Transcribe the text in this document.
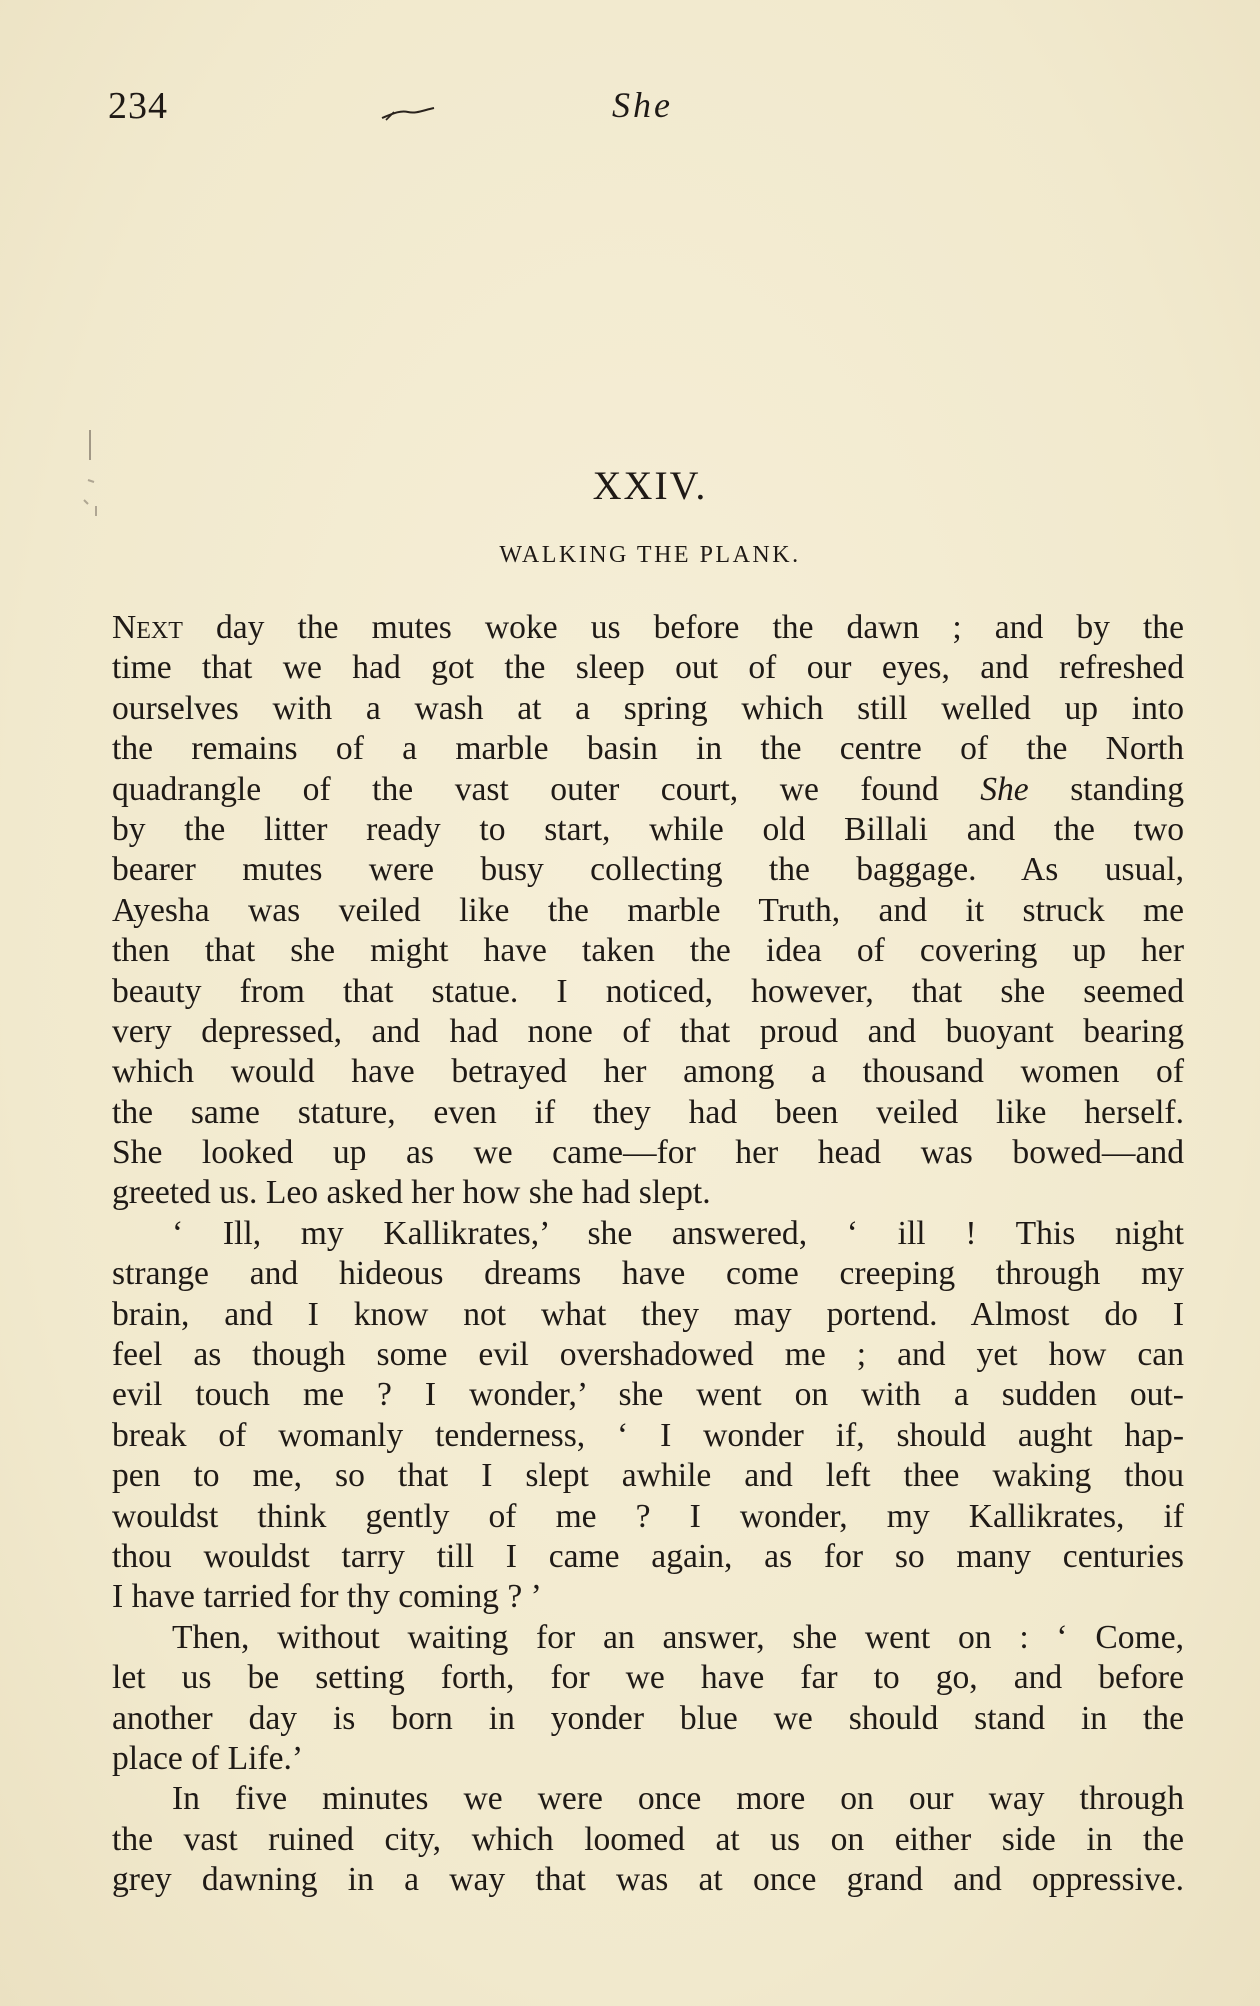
234	She
XXIV.
WALKING THE PLANK.
Next day the mutes woke us before the dawn ; and by the
time that we had got the sleep out of our eyes, and refreshed
ourselves with a wash at a spring which still welled up into
the remains of a marble basin in the centre of the North
quadrangle of the vast outer court, we found She standing
by the litter ready to start, while old Billali and the two
bearer mutes were busy collecting the baggage. As usual,
Ayesha was veiled like the marble Truth, and it struck me
then that she might have taken the idea of covering up her
beauty from that statue. I noticed, however, that she seemed
very depressed, and had none of that proud and buoyant bearing
which would have betrayed her among a thousand women of
the same stature, even if they had been veiled like herself.
She looked up as we came—for her head was bowed—and
greeted us. Leo asked her how she had slept.
‘ Ill, my Kallikrates,’ she answered, ‘ ill ! This night
strange and hideous dreams have come creeping through my
brain, and I know not what they may portend. Almost do I
feel as though some evil overshadowed me ; and yet how can
evil touch me ? I wonder,’ she went on with a sudden out-
break of womanly tenderness, ‘ I wonder if, should aught hap-
pen to me, so that I slept awhile and left thee waking thou
wouldst think gently of me ? I wonder, my Kallikrates, if
thou wouldst tarry till I came again, as for so many centuries
I have tarried for thy coming ? ’
Then, without waiting for an answer, she went on : ‘ Come,
let us be setting forth, for we have far to go, and before
another day is born in yonder blue we should stand in the
place of Life.’
In five minutes we were once more on our way through
the vast ruined city, which loomed at us on either side in the
grey dawning in a way that was at once grand and oppressive.
